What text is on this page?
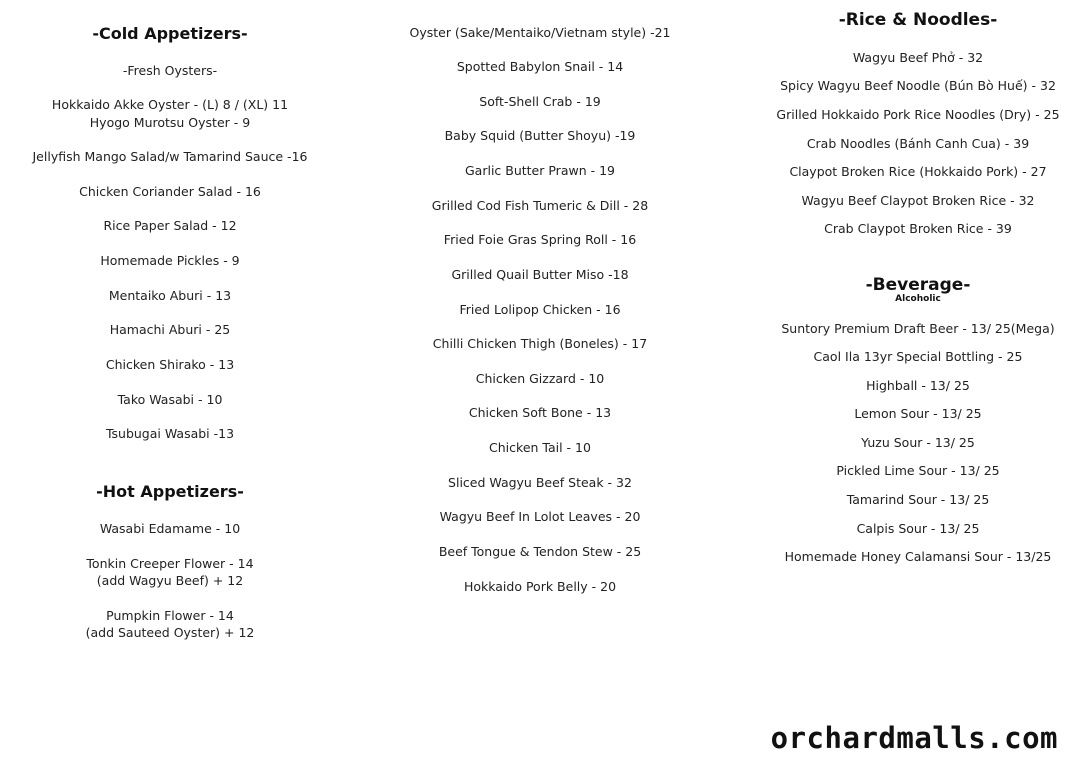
-Cold Appetizers-
-Fresh Oysters-
Hokkaido Akke Oyster - (L) 8 / (XL) 11
Hyogo Murotsu Oyster - 9
Jellyfish Mango Salad/w Tamarind Sauce -16
Chicken Coriander Salad - 16
Rice Paper Salad - 12
Homemade Pickles - 9
Mentaiko Aburi - 13
Hamachi Aburi - 25
Chicken Shirako - 13
Tako Wasabi - 10
Tsubugai Wasabi -13
-Hot Appetizers-
Wasabi Edamame - 10
Tonkin Creeper Flower - 14
(add Wagyu Beef) + 12
Pumpkin Flower - 14
(add Sauteed Oyster) + 12
Oyster (Sake/Mentaiko/Vietnam style) -21
Spotted Babylon Snail - 14
Soft-Shell Crab - 19
Baby Squid (Butter Shoyu) -19
Garlic Butter Prawn - 19
Grilled Cod Fish Tumeric & Dill - 28
Fried Foie Gras Spring Roll - 16
Grilled Quail Butter Miso -18
Fried Lolipop Chicken - 16
Chilli Chicken Thigh (Boneles) - 17
Chicken Gizzard - 10
Chicken Soft Bone - 13
Chicken Tail - 10
Sliced Wagyu Beef Steak - 32
Wagyu Beef In Lolot Leaves - 20
Beef Tongue & Tendon Stew - 25
Hokkaido Pork Belly - 20
-Rice & Noodles-
Wagyu Beef Phở - 32
Spicy Wagyu Beef Noodle (Bún Bò Huế) - 32
Grilled Hokkaido Pork Rice Noodles (Dry) - 25
Crab Noodles (Bánh Canh Cua) - 39
Claypot Broken Rice (Hokkaido Pork) - 27
Wagyu Beef Claypot Broken Rice - 32
Crab Claypot Broken Rice - 39
-Beverage-
Alcoholic
Suntory Premium Draft Beer - 13/ 25(Mega)
Caol Ila 13yr Special Bottling - 25
Highball - 13/ 25
Lemon Sour - 13/ 25
Yuzu Sour - 13/ 25
Pickled Lime Sour - 13/ 25
Tamarind Sour - 13/ 25
Calpis Sour - 13/ 25
Homemade Honey Calamansi Sour - 13/25
orchardmalls.com
